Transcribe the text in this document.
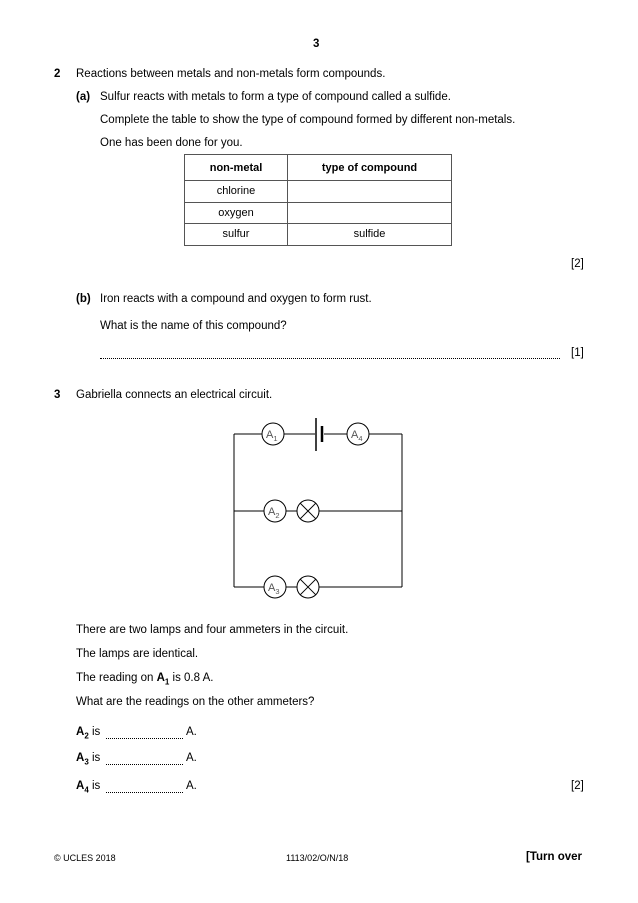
3
2 Reactions between metals and non-metals form compounds.
(a) Sulfur reacts with metals to form a type of compound called a sulfide.
Complete the table to show the type of compound formed by different non-metals.
One has been done for you.
non-metal	type of compound
chlorine	
oxygen	
sulfur	sulfide
[2]
(b) Iron reacts with a compound and oxygen to form rust.
What is the name of this compound?
[1]
3 Gabriella connects an electrical circuit.
$A_1$	$A_4$
$A_2$
$A_3$
There are two lamps and four ammeters in the circuit.
The lamps are identical.
The reading on $A_1$ is 0.8 A.
What are the readings on the other ammeters?
$A_2$ is	A.
$A_3$ is	A.
$A_4$ is	A.	[2]
© UCLES 2018	1113/02/O/N/18	[Turn over
